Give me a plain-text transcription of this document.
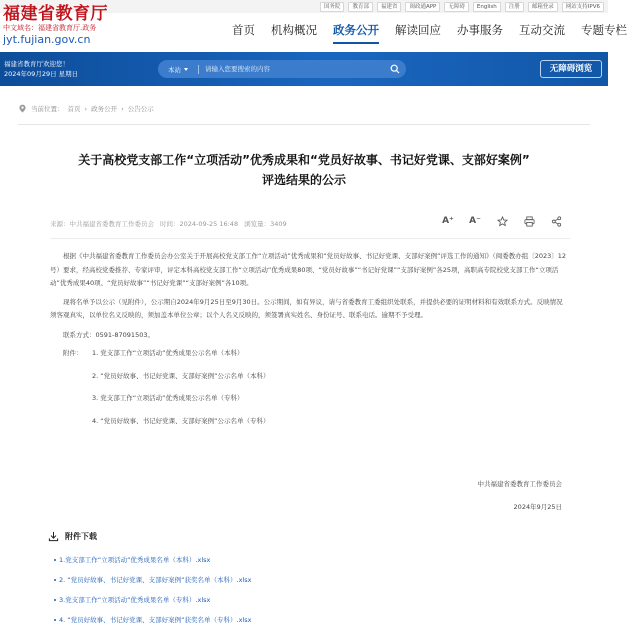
国务院	教育部	福建省	闽政通APP	无障碍	English	注册	邮箱登录	网站支持IPV6
福建省教育厅
中文域名：福建省教育厅.政务
jyt.fujian.gov.cn
首页	机构概况	政务公开	解读回应	办事服务	互动交流	专题专栏
福建省教育厅欢迎您！
2024年09月29日 星期日
本站
请输入您要搜索的内容	无障碍浏览
当前位置： 首页 › 政务公开 › 公告公示
关于高校党支部工作“立项活动”优秀成果和“党员好故事、书记好党课、支部好案例”
评选结果的公示
来源：中共福建省委教育工作委员会 时间：2024-09-25 16:48 浏览量：3409	A⁺ A⁻

根据《中共福建省委教育工作委员会办公室关于开展高校党支部工作“立项活动”优秀成果和“党员好故事、书记好党课、支部好案例”评选工作的通知》（闽委教办组〔2023〕12号）要求，经高校党委推荐、专家评审，评定本科高校党支部工作“立项活动”优秀成果80项、“党员好故事”“书记好党课”“支部好案例”各25项，高职高专院校党支部工作“立项活动”优秀成果40项、“党员好故事”“书记好党课”“支部好案例”各10项。

现将名单予以公示（见附件），公示期自2024年9月25日至9月30日。公示期间，如有异议，请与省委教育工委组织处联系，并提供必要的证明材料和有效联系方式。反映情况须客观真实，以单位名义反映的，须加盖本单位公章；以个人名义反映的，须签署真实姓名、身份证号、联系电话。逾期不予受理。

联系方式：0591-87091503。

附件：	1. 党支部工作“立项活动”优秀成果公示名单（本科）
2. “党员好故事、书记好党课、支部好案例”公示名单（本科）
3. 党支部工作“立项活动”优秀成果公示名单（专科）
4. “党员好故事、书记好党课、支部好案例”公示名单（专科）
中共福建省委教育工作委员会
2024年9月25日
附件下载
1.党支部工作“立项活动”优秀成果名单（本科）.xlsx
2. “党员好故事、书记好党课、支部好案例”获奖名单（本科）.xlsx
3.党支部工作“立项活动”优秀成果名单（专科）.xlsx
4. “党员好故事、书记好党课、支部好案例”获奖名单（专科）.xlsx
